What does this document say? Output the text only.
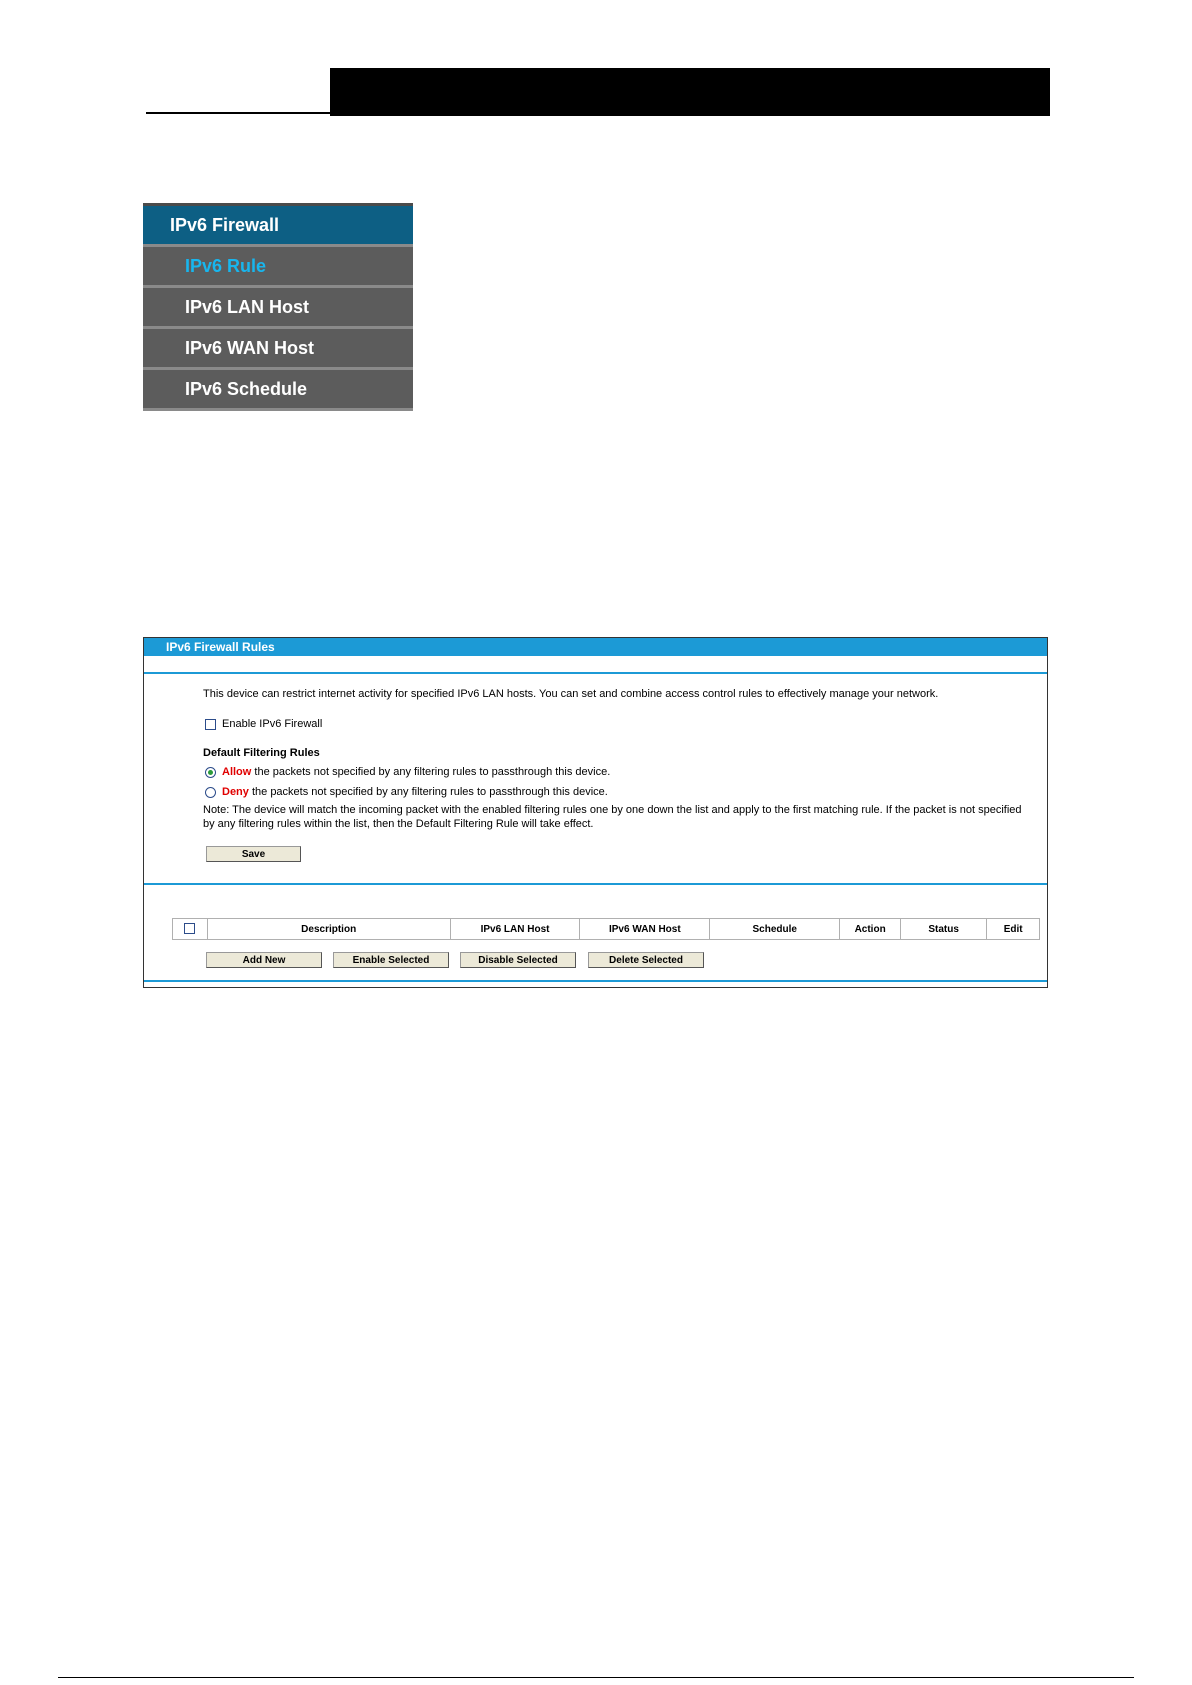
IPv6 Firewall
IPv6 Rule
IPv6 LAN Host
IPv6 WAN Host
IPv6 Schedule
IPv6 Firewall Rules
This device can restrict internet activity for specified IPv6 LAN hosts. You can set and combine access control rules to effectively manage your network.
Enable IPv6 Firewall
Default Filtering Rules
Allow the packets not specified by any filtering rules to passthrough this device.
Deny the packets not specified by any filtering rules to passthrough this device.
Note: The device will match the incoming packet with the enabled filtering rules one by one down the list and apply to the first matching rule. If the packet is not specified
by any filtering rules within the list, then the Default Filtering Rule will take effect.
Save
	Description	IPv6 LAN Host	IPv6 WAN Host	Schedule	Action	Status	Edit
Add New	Enable Selected	Disable Selected	Delete Selected
